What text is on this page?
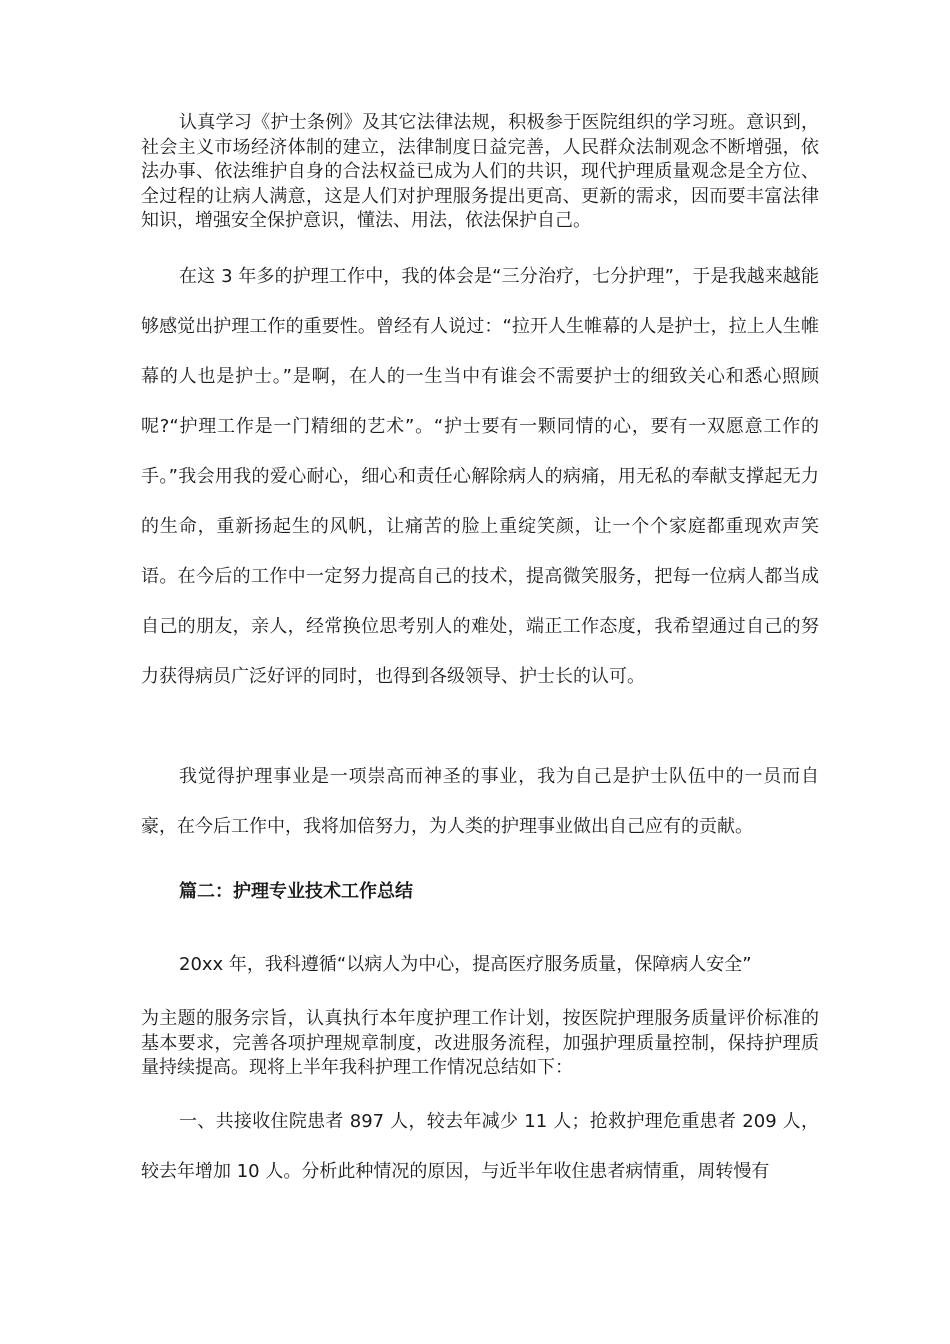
认真学习《护士条例》及其它法律法规，积极参于医院组织的学习班。意识到，社会主义市场经济体制的建立，法律制度日益完善，人民群众法制观念不断增强，依法办事、依法维护自身的合法权益已成为人们的共识，现代护理质量观念是全方位、全过程的让病人满意，这是人们对护理服务提出更高、更新的需求，因而要丰富法律知识，增强安全保护意识，懂法、用法，依法保护自己。

在这 3 年多的护理工作中，我的体会是“三分治疗，七分护理”，于是我越来越能够感觉出护理工作的重要性。曾经有人说过：“拉开人生帷幕的人是护士，拉上人生帷幕的人也是护士。”是啊，在人的一生当中有谁会不需要护士的细致关心和悉心照顾呢?“护理工作是一门精细的艺术”。“护士要有一颗同情的心，要有一双愿意工作的手。”我会用我的爱心耐心，细心和责任心解除病人的病痛，用无私的奉献支撑起无力的生命，重新扬起生的风帆，让痛苦的脸上重绽笑颜，让一个个家庭都重现欢声笑语。在今后的工作中一定努力提高自己的技术，提高微笑服务，把每一位病人都当成自己的朋友，亲人，经常换位思考别人的难处，端正工作态度，我希望通过自己的努力获得病员广泛好评的同时，也得到各级领导、护士长的认可。

我觉得护理事业是一项崇高而神圣的事业，我为自己是护士队伍中的一员而自豪，在今后工作中，我将加倍努力，为人类的护理事业做出自己应有的贡献。

篇二：护理专业技术工作总结

20xx 年，我科遵循“以病人为中心，提高医疗服务质量，保障病人安全”

为主题的服务宗旨，认真执行本年度护理工作计划，按医院护理服务质量评价标准的基本要求，完善各项护理规章制度，改进服务流程，加强护理质量控制，保持护理质量持续提高。现将上半年我科护理工作情况总结如下：

一、共接收住院患者 897 人，较去年减少 11 人；抢救护理危重患者 209 人，较去年增加 10 人。分析此种情况的原因，与近半年收住患者病情重，周转慢有
